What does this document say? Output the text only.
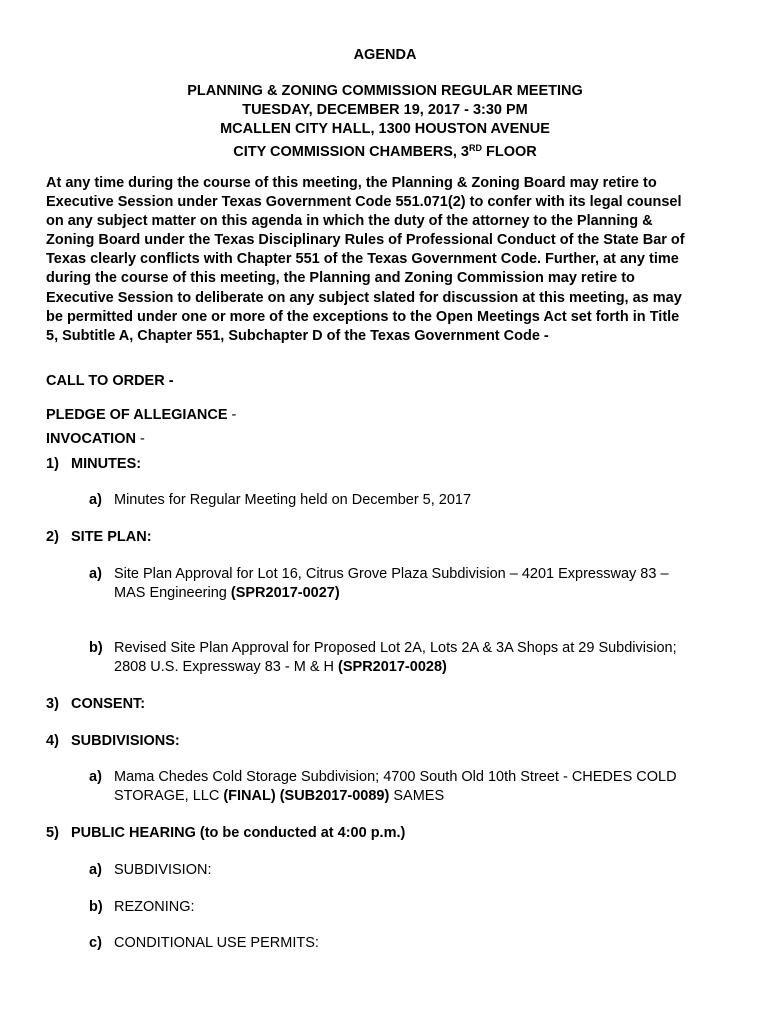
AGENDA
PLANNING & ZONING COMMISSION REGULAR MEETING
TUESDAY, DECEMBER 19, 2017 - 3:30 PM
MCALLEN CITY HALL, 1300 HOUSTON AVENUE
CITY COMMISSION CHAMBERS, 3RD FLOOR
At any time during the course of this meeting, the Planning & Zoning Board may retire to
Executive Session under Texas Government Code 551.071(2) to confer with its legal counsel
on any subject matter on this agenda in which the duty of the attorney to the Planning &
Zoning Board under the Texas Disciplinary Rules of Professional Conduct of the State Bar of
Texas clearly conflicts with Chapter 551 of the Texas Government Code. Further, at any time
during the course of this meeting, the Planning and Zoning Commission may retire to
Executive Session to deliberate on any subject slated for discussion at this meeting, as may
be permitted under one or more of the exceptions to the Open Meetings Act set forth in Title
5, Subtitle A, Chapter 551, Subchapter D of the Texas Government Code -
CALL TO ORDER -
PLEDGE OF ALLEGIANCE -
INVOCATION -
1) MINUTES:
a) Minutes for Regular Meeting held on December 5, 2017
2) SITE PLAN:
a) Site Plan Approval for Lot 16, Citrus Grove Plaza Subdivision – 4201 Expressway 83 –
MAS Engineering (SPR2017-0027)
b) Revised Site Plan Approval for Proposed Lot 2A, Lots 2A & 3A Shops at 29 Subdivision;
2808 U.S. Expressway 83 - M & H (SPR2017-0028)
3) CONSENT:
4) SUBDIVISIONS:
a) Mama Chedes Cold Storage Subdivision; 4700 South Old 10th Street - CHEDES COLD
STORAGE, LLC (FINAL) (SUB2017-0089) SAMES
5) PUBLIC HEARING (to be conducted at 4:00 p.m.)
a) SUBDIVISION:
b) REZONING:
c) CONDITIONAL USE PERMITS:
